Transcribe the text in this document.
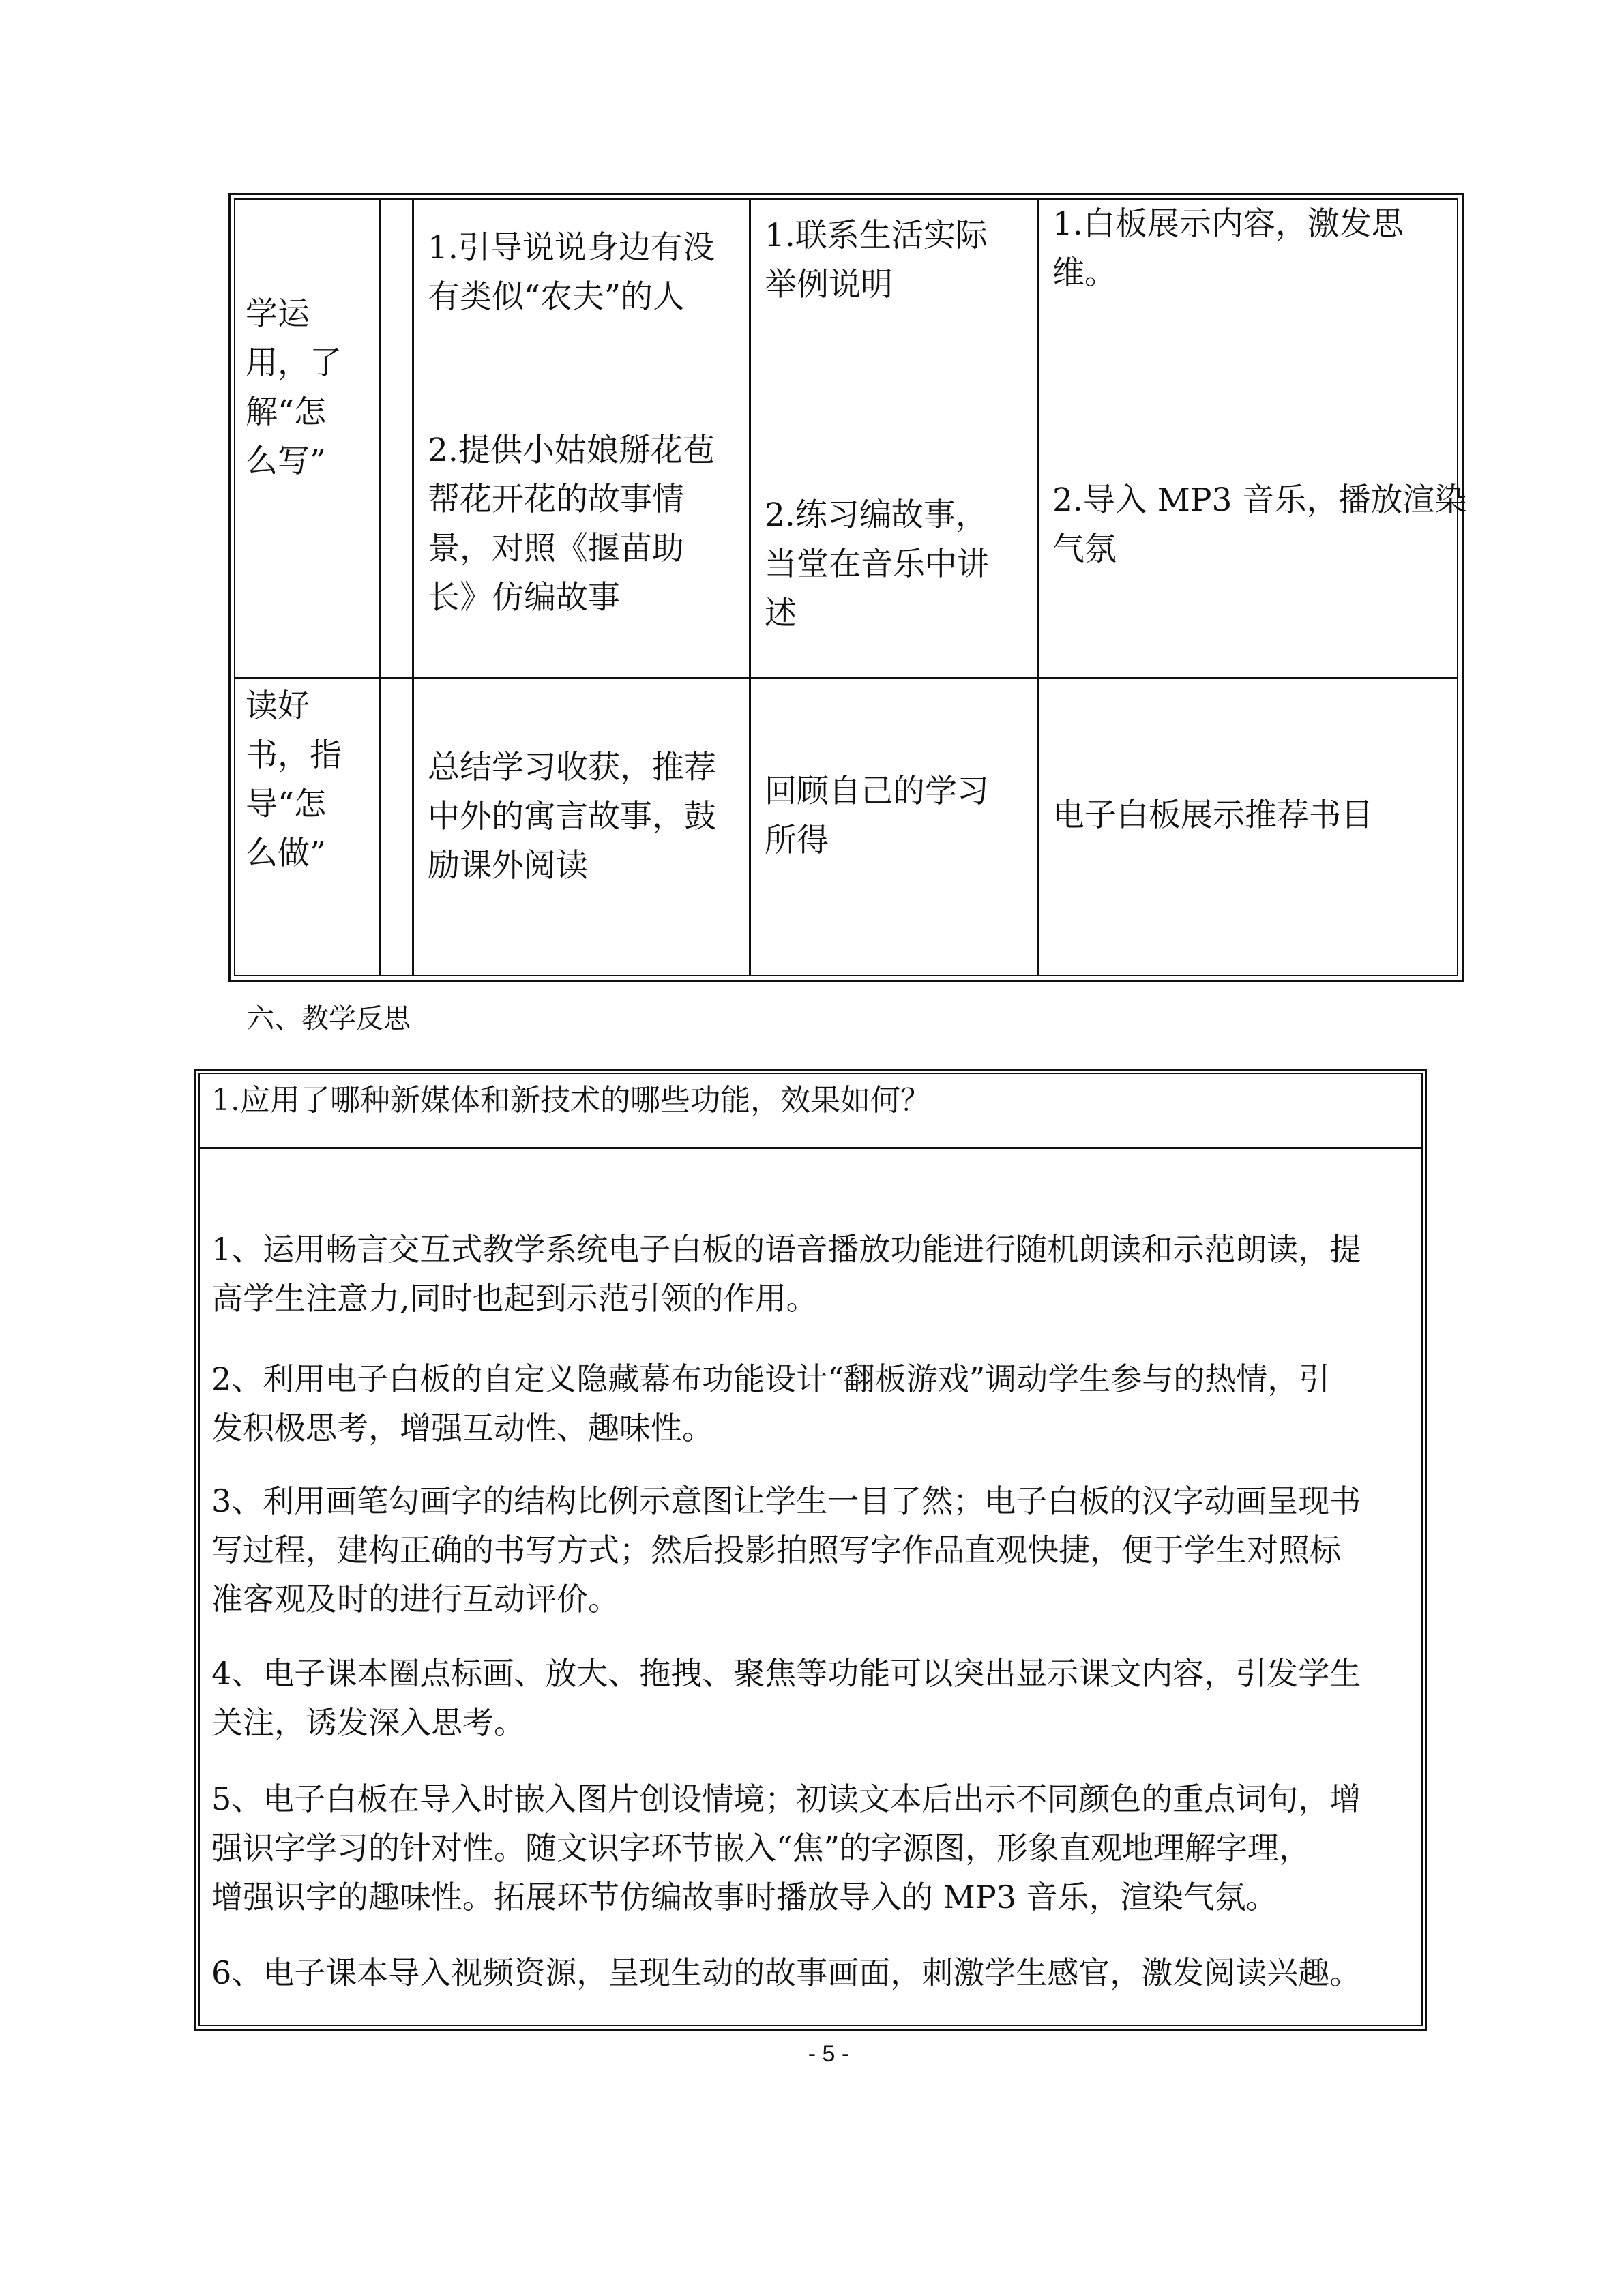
学运
用，了
解“怎
么写”
1.引导说说身边有没
有类似“农夫”的人
2.提供小姑娘掰花苞
帮花开花的故事情
景，对照《揠苗助
长》仿编故事
1.联系生活实际
举例说明
2.练习编故事，
当堂在音乐中讲
述
1.白板展示内容，激发思
维。
2.导入 MP3 音乐，播放渲染
气氛
读好
书，指
导“怎
么做”
总结学习收获，推荐
中外的寓言故事，鼓
励课外阅读
回顾自己的学习
所得
电子白板展示推荐书目
六、教学反思
1.应用了哪种新媒体和新技术的哪些功能，效果如何？
1、运用畅言交互式教学系统电子白板的语音播放功能进行随机朗读和示范朗读，提
高学生注意力,同时也起到示范引领的作用。
2、利用电子白板的自定义隐藏幕布功能设计“翻板游戏”调动学生参与的热情，引
发积极思考，增强互动性、趣味性。
3、利用画笔勾画字的结构比例示意图让学生一目了然；电子白板的汉字动画呈现书
写过程，建构正确的书写方式；然后投影拍照写字作品直观快捷，便于学生对照标
准客观及时的进行互动评价。
4、电子课本圈点标画、放大、拖拽、聚焦等功能可以突出显示课文内容，引发学生
关注，诱发深入思考。
5、电子白板在导入时嵌入图片创设情境；初读文本后出示不同颜色的重点词句，增
强识字学习的针对性。随文识字环节嵌入“焦”的字源图，形象直观地理解字理，
增强识字的趣味性。拓展环节仿编故事时播放导入的 MP3 音乐，渲染气氛。
6、电子课本导入视频资源，呈现生动的故事画面，刺激学生感官，激发阅读兴趣。
- 5 -
